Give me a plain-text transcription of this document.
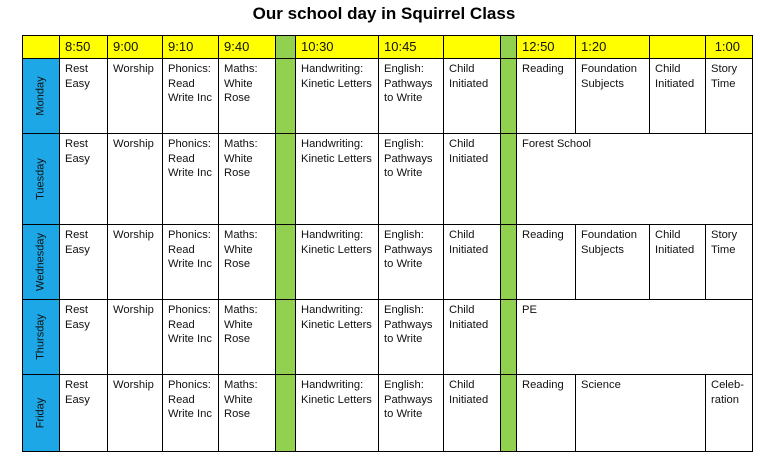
Our school day in Squirrel Class
	8:50	9:00	9:10	9:40		10:30	10:45			12:50	1:20		1:00

Monday	Rest Easy	Worship	Phonics: Read Write Inc	Maths: White Rose		Handwriting: Kinetic Letters	English: Pathways to Write	Child Initiated		Reading	Foundation Subjects	Child Initiated	Story Time

Tuesday	Rest Easy	Worship	Phonics: Read Write Inc	Maths: White Rose		Handwriting: Kinetic Letters	English: Pathways to Write	Child Initiated		Forest School			

Wednesday	Rest Easy	Worship	Phonics: Read Write Inc	Maths: White Rose		Handwriting: Kinetic Letters	English: Pathways to Write	Child Initiated		Reading	Foundation Subjects	Child Initiated	Story Time

Thursday	Rest Easy	Worship	Phonics: Read Write Inc	Maths: White Rose		Handwriting: Kinetic Letters	English: Pathways to Write	Child Initiated		PE			

Friday	Rest Easy	Worship	Phonics: Read Write Inc	Maths: White Rose		Handwriting: Kinetic Letters	English: Pathways to Write	Child Initiated		Reading	Science		Celeb-ration
